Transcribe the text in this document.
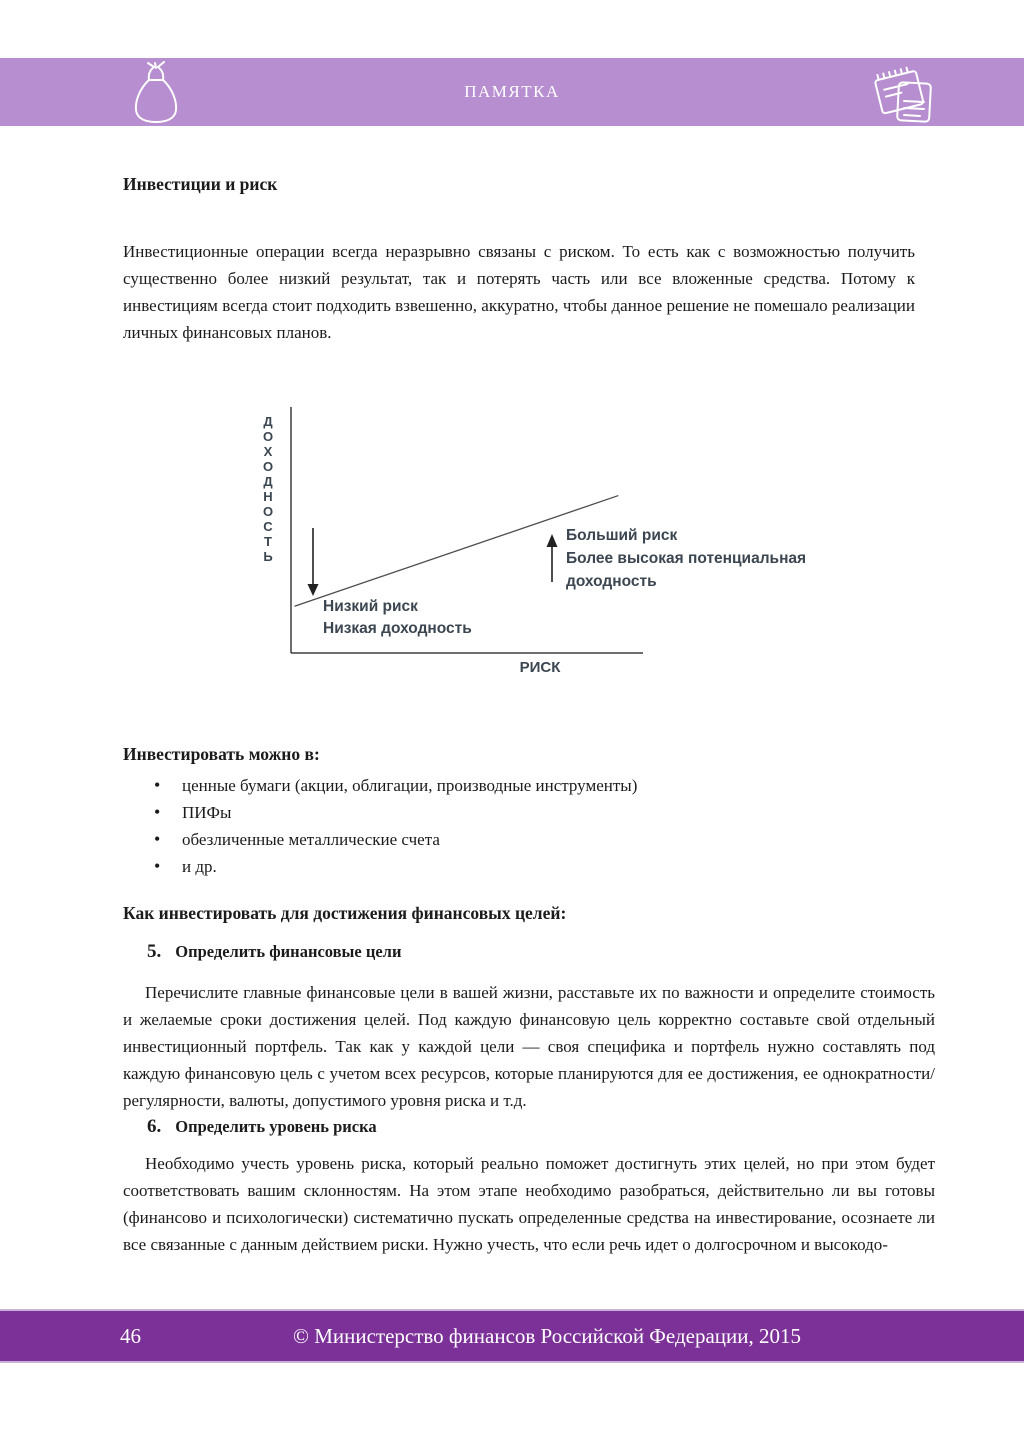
ПАМЯТКА
Инвестиции и риск

Инвестиционные операции всегда неразрывно связаны с риском. То есть как с возможностью получить существенно более низкий результат, так и потерять часть или все вложенные средства. Потому к инвестициям всегда стоит подходить взвешенно, аккуратно, чтобы данное решение не помешало реализации личных финансовых планов.

Д
О
Х
О
Д
Н
О
С
Т
Ь
РИСК
Низкий риск
Низкая доходность
Больший риск
Более высокая потенциальная
доходность
Инвестировать можно в:
• ценные бумаги (акции, облигации, производные инструменты)
• ПИФы
• обезличенные металлические счета
• и др.
Как инвестировать для достижения финансовых целей:
5. Определить финансовые цели

Перечислите главные финансовые цели в вашей жизни, расставьте их по важности и определите стоимость и желаемые сроки достижения целей. Под каждую финансовую цель корректно составьте свой отдельный инвестиционный портфель. Так как у каждой цели — своя специфика и портфель нужно составлять под каждую финансовую цель с учетом всех ресурсов, которые планируются для ее достижения, ее однократности/регулярности, валюты, допустимого уровня риска и т.д.

6. Определить уровень риска

Необходимо учесть уровень риска, который реально поможет достигнуть этих целей, но при этом будет соответствовать вашим склонностям. На этом этапе необходимо разобраться, действительно ли вы готовы (финансово и психологически) систематично пускать определенные средства на инвестирование, осознаете ли все связанные с данным действием риски. Нужно учесть, что если речь идет о долгосрочном и высокодо-

46	© Министерство финансов Российской Федерации, 2015
